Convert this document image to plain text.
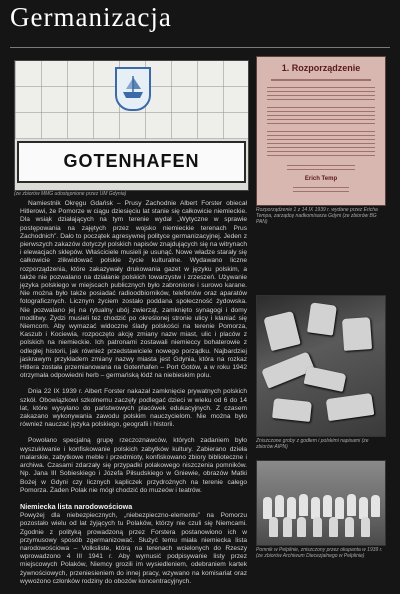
Germanizacja
GOTENHAFEN
(ze zbiorów MMG udostępnione przez UM Gdynia)
1. Rozporządzenie
Erich Temp
Rozporządzenie 1 z 14 IX 1939 r. wydane przez Ericha Tempa, zarządcę nadkomisarza Gdyni (ze zbiorów BG PAN)

Namiestnik Okręgu Gdańsk – Prusy Zachodnie Albert Forster obiecał Hitlerowi, że Pomorze w ciągu dziesięciu lat stanie się całkowicie niemieckie. Dla wsiąk działających na tym terenie wydał „Wytyczne w sprawie postępowania na zajętych przez wojsko niemieckie terenach Prus Zachodnich”. Dało to początek agresywnej polityce germanizacyjnej. Jeden z pierwszych zakazów dotyczył polskich napisów znajdujących się na witrynach i elewacjach sklepów. Właściciele musieli je usunąć. Nowe władze starały się całkowicie zlikwidować polskie życie kulturalne. Wydawano liczne rozporządzenia, które zakazywały drukowania gazet w języku polskim, a także nie pozwalano na działanie polskich towarzystw i zrzeszeń. Używanie języka polskiego w miejscach publicznych było zabronione i surowo karane. Nie można było także posiadać radioodbiorników, telefonów oraz aparatów fotograficznych. Licznym życiem zostało poddana społeczność żydowska. Nie pozwalano jej na rytualny ubój zwierząt, zamknięto synagogi i domy modlitwy. Żydzi musieli też chodzić po określonej stronie ulicy i kłaniać się Niemcom. Aby wymazać widoczne ślady polskości na terenie Pomorza, Kaszub i Kociewia, rozpoczęto akcję zmiany nazw miast, ulic i placów z polskich na niemieckie. Ich patronami zostawali niemieccy bohaterowie z odległej historii, jak również przedstawiciele nowego porządku. Najbardziej jaskrawym przykładem zmiany nazwy miasta jest Gdynia, która na rozkaz Hitlera została przemianowana na Gotenhafen – Port Gotów, a w roku 1942 otrzymała odpowiedni herb – germańską łódź na niebieskim polu.

Dnia 22 IX 1939 r. Albert Forster nakazał zamknięcie prywatnych polskich szkół. Obowiązkowi szkolnemu zaczęły podlegać dzieci w wieku od 6 do 14 lat, które wysyłano do państwowych placówek edukacyjnych. Z czasem zakazano wykonywania zawodu polskim nauczycielom. Nie można było również nauczać języka polskiego, geografii i historii.

Powołano specjalną grupę rzeczoznawców, których zadaniem było wyszukiwanie i konfiskowanie polskich zabytków kultury. Zabierano dzieła malarskie, zabytkowe meble i przedmioty, konfiskowano zbiory biblioteczne i archiwa. Czasami zdarzały się przypadki polakowego niszczenia pomników. Np. Jana III Sobieskiego i Józefa Piłsudskiego w Gniewie, obrazów Matki Bożej w Gdyni czy licznych kapliczek przydrożnych na terenie całego Pomorza. Żaden Polak nie mógł chodzić do muzeów i teatrów.

Niemiecka lista narodowościowa

Powyżej dla niebezpiecznych, „niebezpieczno-elementu” na Pomorzu pozostało wielu od lat żyjących tu Polaków, którzy nie czuli się Niemcami. Zgodnie z polityką prowadzoną przez Forstera postanowiono ich w przymusowy sposób zgermanizować. Służyć temu miała niemiecka lista narodowościowa – Volksliste, którą na terenach wcielonych do Rzeszy wprowadzono 4 III 1941 r. Aby wymusić podpisywanie listy przez miejscowych Polaków, Niemcy grozili im wysiedleniem, odebraniem kartek żywnościowych, przeniesieniem do innej pracy, wzywano na komisariat oraz wywożono członków rodziny do obozów koncentracyjnych.

Zniszczone groby z godłem i polskimi napisami (ze zbiorów AIPN)
Pomnik w Pelplinie, zniszczony przez okupanta w 1939 r. (ze zbiorów Archiwum Diecezjalnego w Pelplinie)
